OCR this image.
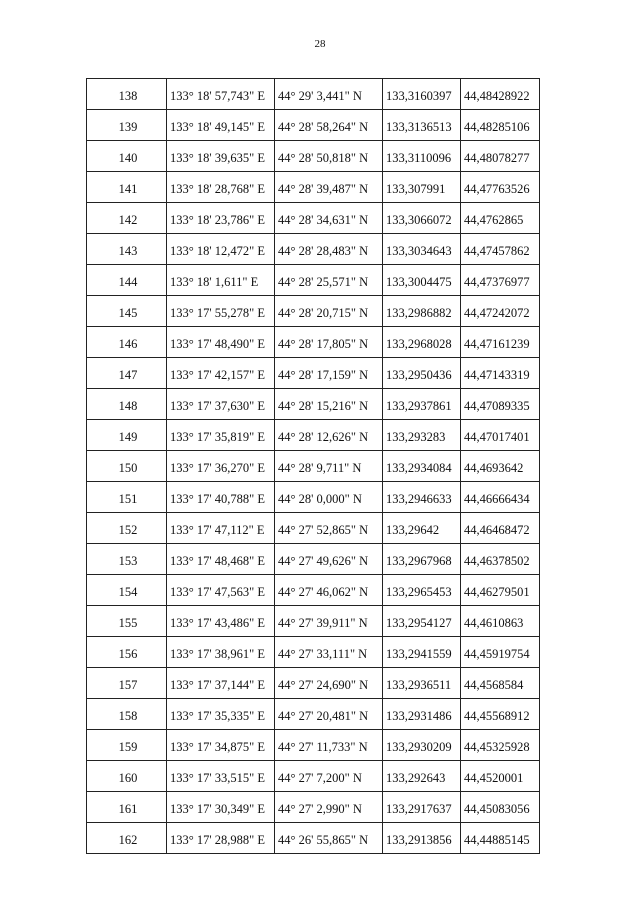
28
138	133° 18' 57,743" E	44° 29' 3,441" N	133,3160397	44,48428922
139	133° 18' 49,145" E	44° 28' 58,264" N	133,3136513	44,48285106
140	133° 18' 39,635" E	44° 28' 50,818" N	133,3110096	44,48078277
141	133° 18' 28,768" E	44° 28' 39,487" N	133,307991	44,47763526
142	133° 18' 23,786" E	44° 28' 34,631" N	133,3066072	44,4762865
143	133° 18' 12,472" E	44° 28' 28,483" N	133,3034643	44,47457862
144	133° 18' 1,611" E	44° 28' 25,571" N	133,3004475	44,47376977
145	133° 17' 55,278" E	44° 28' 20,715" N	133,2986882	44,47242072
146	133° 17' 48,490" E	44° 28' 17,805" N	133,2968028	44,47161239
147	133° 17' 42,157" E	44° 28' 17,159" N	133,2950436	44,47143319
148	133° 17' 37,630" E	44° 28' 15,216" N	133,2937861	44,47089335
149	133° 17' 35,819" E	44° 28' 12,626" N	133,293283	44,47017401
150	133° 17' 36,270" E	44° 28' 9,711" N	133,2934084	44,4693642
151	133° 17' 40,788" E	44° 28' 0,000" N	133,2946633	44,46666434
152	133° 17' 47,112" E	44° 27' 52,865" N	133,29642	44,46468472
153	133° 17' 48,468" E	44° 27' 49,626" N	133,2967968	44,46378502
154	133° 17' 47,563" E	44° 27' 46,062" N	133,2965453	44,46279501
155	133° 17' 43,486" E	44° 27' 39,911" N	133,2954127	44,4610863
156	133° 17' 38,961" E	44° 27' 33,111" N	133,2941559	44,45919754
157	133° 17' 37,144" E	44° 27' 24,690" N	133,2936511	44,4568584
158	133° 17' 35,335" E	44° 27' 20,481" N	133,2931486	44,45568912
159	133° 17' 34,875" E	44° 27' 11,733" N	133,2930209	44,45325928
160	133° 17' 33,515" E	44° 27' 7,200" N	133,292643	44,4520001
161	133° 17' 30,349" E	44° 27' 2,990" N	133,2917637	44,45083056
162	133° 17' 28,988" E	44° 26' 55,865" N	133,2913856	44,44885145
